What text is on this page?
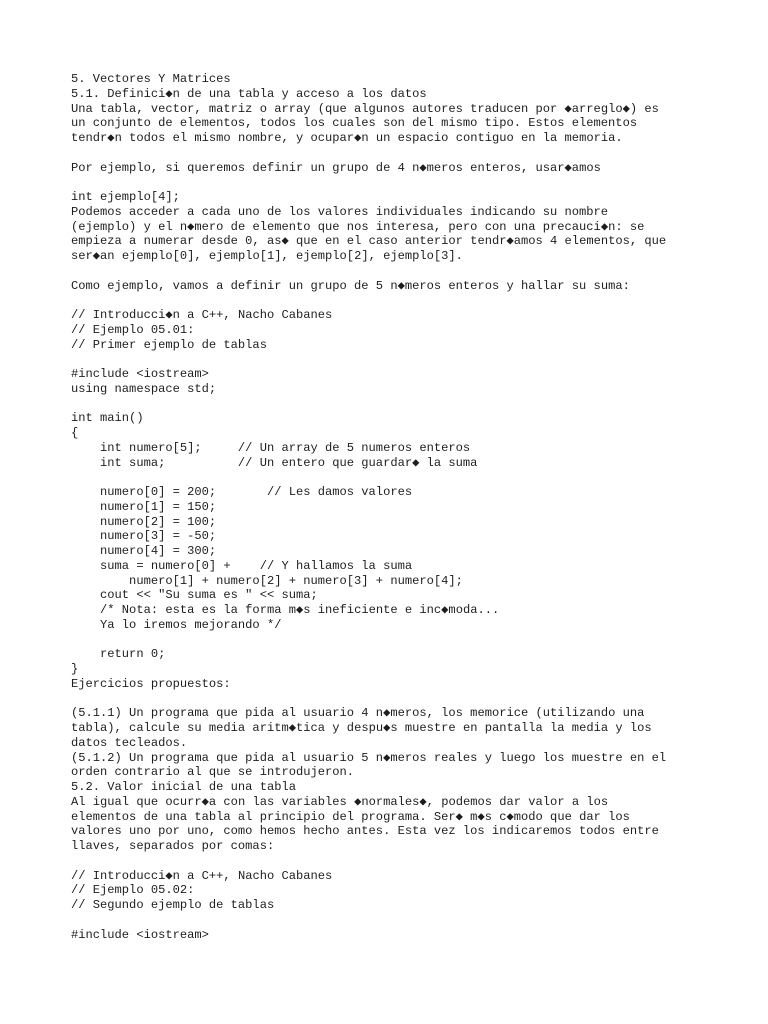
5. Vectores Y Matrices
5.1. Definici◆n de una tabla y acceso a los datos
Una tabla, vector, matriz o array (que algunos autores traducen por ◆arreglo◆) es
un conjunto de elementos, todos los cuales son del mismo tipo. Estos elementos
tendr◆n todos el mismo nombre, y ocupar◆n un espacio contiguo en la memoria.
Por ejemplo, si queremos definir un grupo de 4 n◆meros enteros, usar◆amos
int ejemplo[4];
Podemos acceder a cada uno de los valores individuales indicando su nombre
(ejemplo) y el n◆mero de elemento que nos interesa, pero con una precauci◆n: se
empieza a numerar desde 0, as◆ que en el caso anterior tendr◆amos 4 elementos, que
ser◆an ejemplo[0], ejemplo[1], ejemplo[2], ejemplo[3].
Como ejemplo, vamos a definir un grupo de 5 n◆meros enteros y hallar su suma:
// Introducci◆n a C++, Nacho Cabanes
// Ejemplo 05.01:
// Primer ejemplo de tablas
#include <iostream>
using namespace std;
int main()
{
int numero[5];     // Un array de 5 numeros enteros
int suma;          // Un entero que guardar◆ la suma
numero[0] = 200;       // Les damos valores
numero[1] = 150;
numero[2] = 100;
numero[3] = -50;
numero[4] = 300;
suma = numero[0] +    // Y hallamos la suma
numero[1] + numero[2] + numero[3] + numero[4];
cout << "Su suma es " << suma;
/* Nota: esta es la forma m◆s ineficiente e inc◆moda...
Ya lo iremos mejorando */
return 0;
}
Ejercicios propuestos:
(5.1.1) Un programa que pida al usuario 4 n◆meros, los memorice (utilizando una
tabla), calcule su media aritm◆tica y despu◆s muestre en pantalla la media y los
datos tecleados.
(5.1.2) Un programa que pida al usuario 5 n◆meros reales y luego los muestre en el
orden contrario al que se introdujeron.
5.2. Valor inicial de una tabla
Al igual que ocurr◆a con las variables ◆normales◆, podemos dar valor a los
elementos de una tabla al principio del programa. Ser◆ m◆s c◆modo que dar los
valores uno por uno, como hemos hecho antes. Esta vez los indicaremos todos entre
llaves, separados por comas:
// Introducci◆n a C++, Nacho Cabanes
// Ejemplo 05.02:
// Segundo ejemplo de tablas
#include <iostream>
